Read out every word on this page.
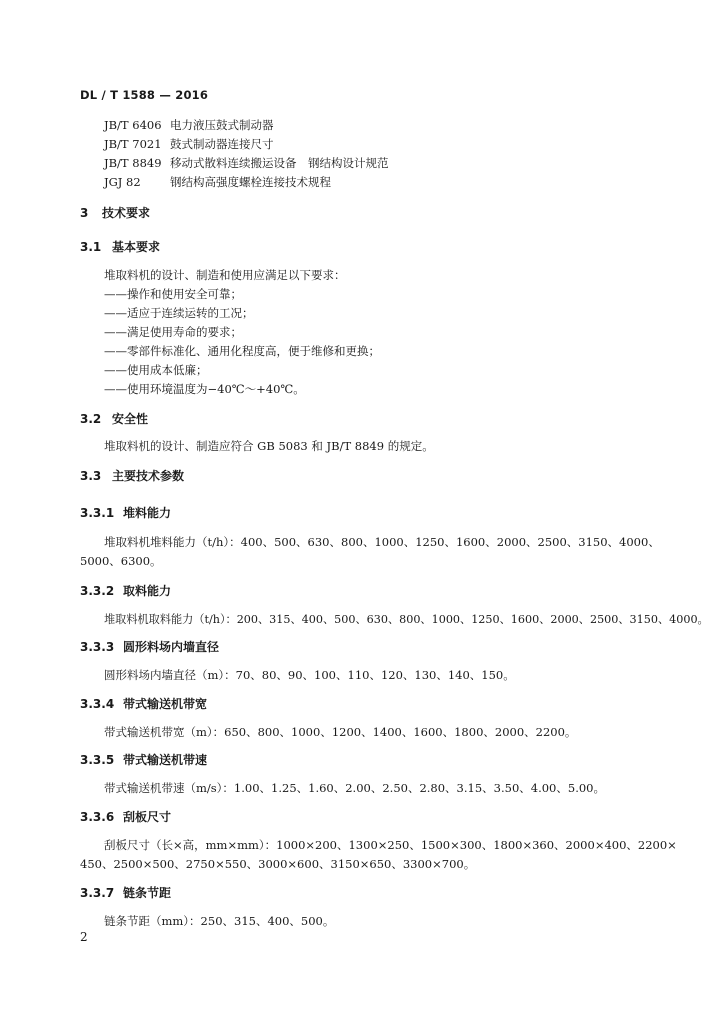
DL / T 1588 — 2016
JB/T 6406 电力液压鼓式制动器
JB/T 7021 鼓式制动器连接尺寸
JB/T 8849 移动式散料连续搬运设备　钢结构设计规范
JGJ 82	钢结构高强度螺栓连接技术规程
3 技术要求
3.1 基本要求
堆取料机的设计、制造和使用应满足以下要求：
——操作和使用安全可靠；
——适应于连续运转的工况；
——满足使用寿命的要求；
——零部件标准化、通用化程度高，便于维修和更换；
——使用成本低廉；
——使用环境温度为−40℃～+40℃。
3.2 安全性
堆取料机的设计、制造应符合 GB 5083 和 JB/T 8849 的规定。
3.3 主要技术参数
3.3.1 堆料能力
堆取料机堆料能力（t/h）：400、500、630、800、1000、1250、1600、2000、2500、3150、4000、
5000、6300。
3.3.2 取料能力
堆取料机取料能力（t/h）：200、315、400、500、630、800、1000、1250、1600、2000、2500、3150、4000。
3.3.3 圆形料场内墙直径
圆形料场内墙直径（m）：70、80、90、100、110、120、130、140、150。
3.3.4 带式输送机带宽
带式输送机带宽（m）：650、800、1000、1200、1400、1600、1800、2000、2200。
3.3.5 带式输送机带速
带式输送机带速（m/s）：1.00、1.25、1.60、2.00、2.50、2.80、3.15、3.50、4.00、5.00。
3.3.6 刮板尺寸
刮板尺寸（长×高，mm×mm）：1000×200、1300×250、1500×300、1800×360、2000×400、2200×
450、2500×500、2750×550、3000×600、3150×650、3300×700。
3.3.7 链条节距
链条节距（mm）：250、315、400、500。
2
